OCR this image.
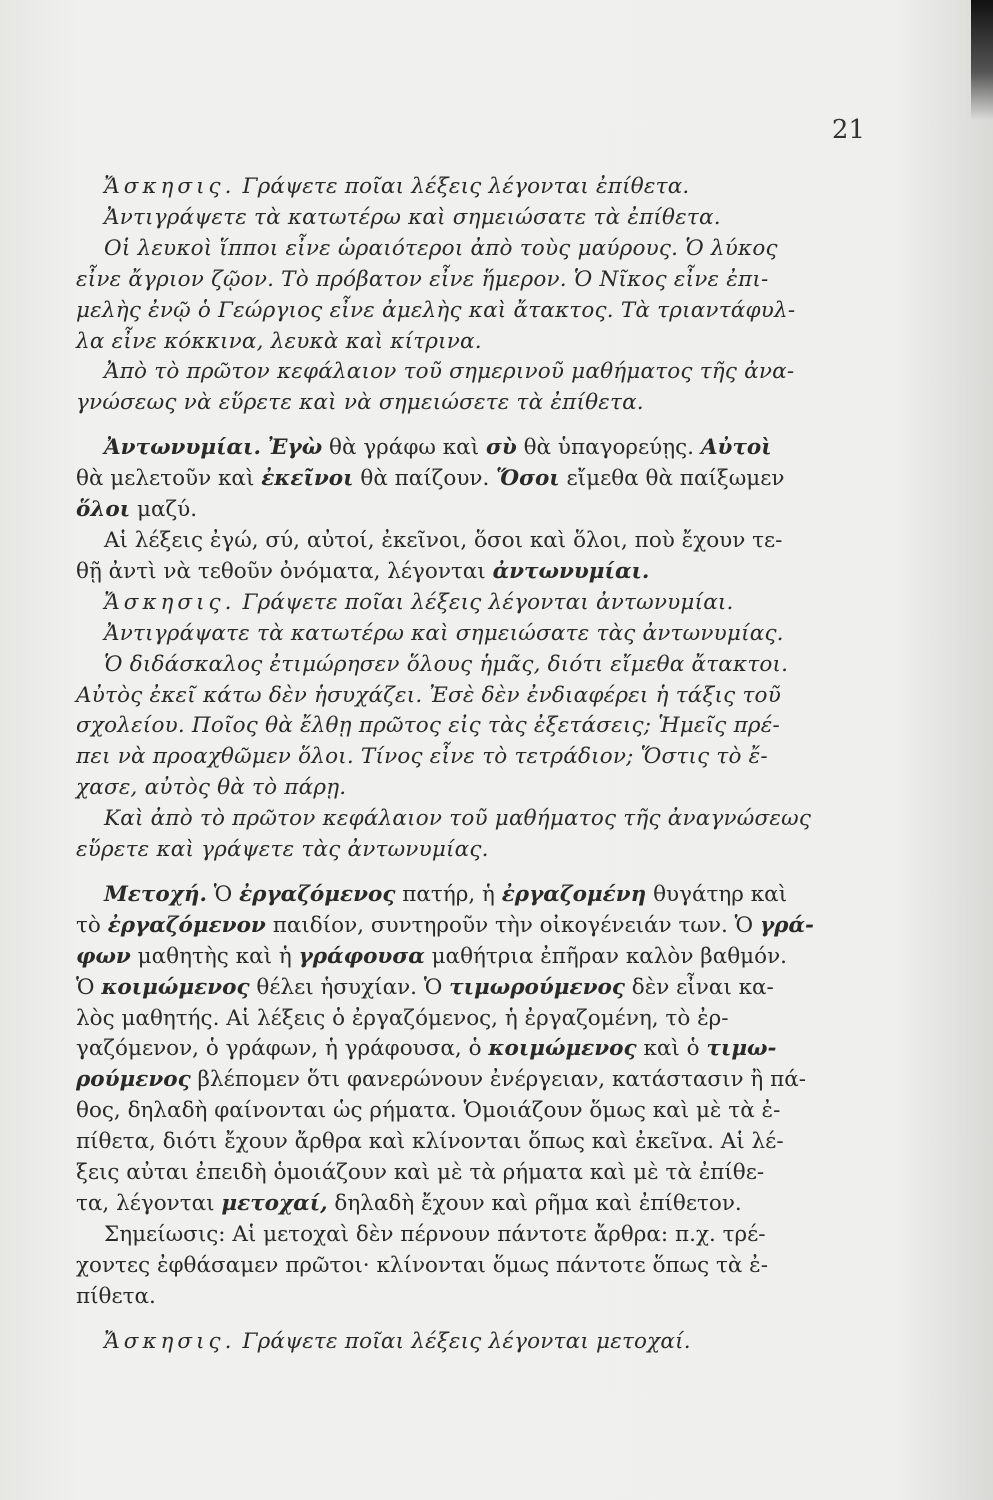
21
Ἄσκησις. Γράψετε ποῖαι λέξεις λέγονται ἐπίθετα.
Ἀντιγράψετε τὰ κατωτέρω καὶ σημειώσατε τὰ ἐπίθετα.
Οἱ λευκοὶ ἵπποι εἶνε ὡραιότεροι ἀπὸ τοὺς μαύρους. Ὁ λύκος
εἶνε ἄγριον ζῷον. Τὸ πρόβατον εἶνε ἥμερον. Ὁ Νῖκος εἶνε ἐπι-
μελὴς ἐνῷ ὁ Γεώργιος εἶνε ἀμελὴς καὶ ἄτακτος. Τὰ τριαντάφυλ-
λα εἶνε κόκκινα, λευκὰ καὶ κίτρινα.
Ἀπὸ τὸ πρῶτον κεφάλαιον τοῦ σημερινοῦ μαθήματος τῆς ἀνα-
γνώσεως νὰ εὕρετε καὶ νὰ σημειώσετε τὰ ἐπίθετα.
Ἀντωνυμίαι. Ἐγὼ θὰ γράφω καὶ σὺ θὰ ὑπαγορεύῃς. Αὐτοὶ
θὰ μελετοῦν καὶ ἐκεῖνοι θὰ παίζουν. Ὅσοι εἴμεθα θὰ παίξωμεν
ὅλοι μαζύ.
Αἱ λέξεις ἐγώ, σύ, αὐτοί, ἐκεῖνοι, ὅσοι καὶ ὅλοι, ποὺ ἔχουν τε-
θῇ ἀντὶ νὰ τεθοῦν ὀνόματα, λέγονται ἀντωνυμίαι.
Ἄσκησις. Γράψετε ποῖαι λέξεις λέγονται ἀντωνυμίαι.
Ἀντιγράψατε τὰ κατωτέρω καὶ σημειώσατε τὰς ἀντωνυμίας.
Ὁ διδάσκαλος ἐτιμώρησεν ὅλους ἡμᾶς, διότι εἴμεθα ἄτακτοι.
Αὐτὸς ἐκεῖ κάτω δὲν ἡσυχάζει. Ἐσὲ δὲν ἐνδιαφέρει ἡ τάξις τοῦ
σχολείου. Ποῖος θὰ ἔλθῃ πρῶτος εἰς τὰς ἐξετάσεις; Ἡμεῖς πρέ-
πει νὰ προαχθῶμεν ὅλοι. Τίνος εἶνε τὸ τετράδιον; Ὅστις τὸ ἔ-
χασε, αὐτὸς θὰ τὸ πάρῃ.
Καὶ ἀπὸ τὸ πρῶτον κεφάλαιον τοῦ μαθήματος τῆς ἀναγνώσεως
εὕρετε καὶ γράψετε τὰς ἀντωνυμίας.
Μετοχή. Ὁ ἐργαζόμενος πατήρ, ἡ ἐργαζομένη θυγάτηρ καὶ
τὸ ἐργαζόμενον παιδίον, συντηροῦν τὴν οἰκογένειάν των. Ὁ γρά-
φων μαθητὴς καὶ ἡ γράφουσα μαθήτρια ἐπῆραν καλὸν βαθμόν.
Ὁ κοιμώμενος θέλει ἡσυχίαν. Ὁ τιμωρούμενος δὲν εἶναι κα-
λὸς μαθητής. Αἱ λέξεις ὁ ἐργαζόμενος, ἡ ἐργαζομένη, τὸ ἐρ-
γαζόμενον, ὁ γράφων, ἡ γράφουσα, ὁ κοιμώμενος καὶ ὁ τιμω-
ρούμενος βλέπομεν ὅτι φανερώνουν ἐνέργειαν, κατάστασιν ἢ πά-
θος, δηλαδὴ φαίνονται ὡς ρήματα. Ὁμοιάζουν ὅμως καὶ μὲ τὰ ἐ-
πίθετα, διότι ἔχουν ἄρθρα καὶ κλίνονται ὅπως καὶ ἐκεῖνα. Αἱ λέ-
ξεις αὐται ἐπειδὴ ὁμοιάζουν καὶ μὲ τὰ ρήματα καὶ μὲ τὰ ἐπίθε-
τα, λέγονται μετοχαί, δηλαδὴ ἔχουν καὶ ρῆμα καὶ ἐπίθετον.
Σημείωσις: Αἱ μετοχαὶ δὲν πέρνουν πάντοτε ἄρθρα: π.χ. τρέ-
χοντες ἐφθάσαμεν πρῶτοι· κλίνονται ὅμως πάντοτε ὅπως τὰ ἐ-
πίθετα.
Ἄσκησις. Γράψετε ποῖαι λέξεις λέγονται μετοχαί.
